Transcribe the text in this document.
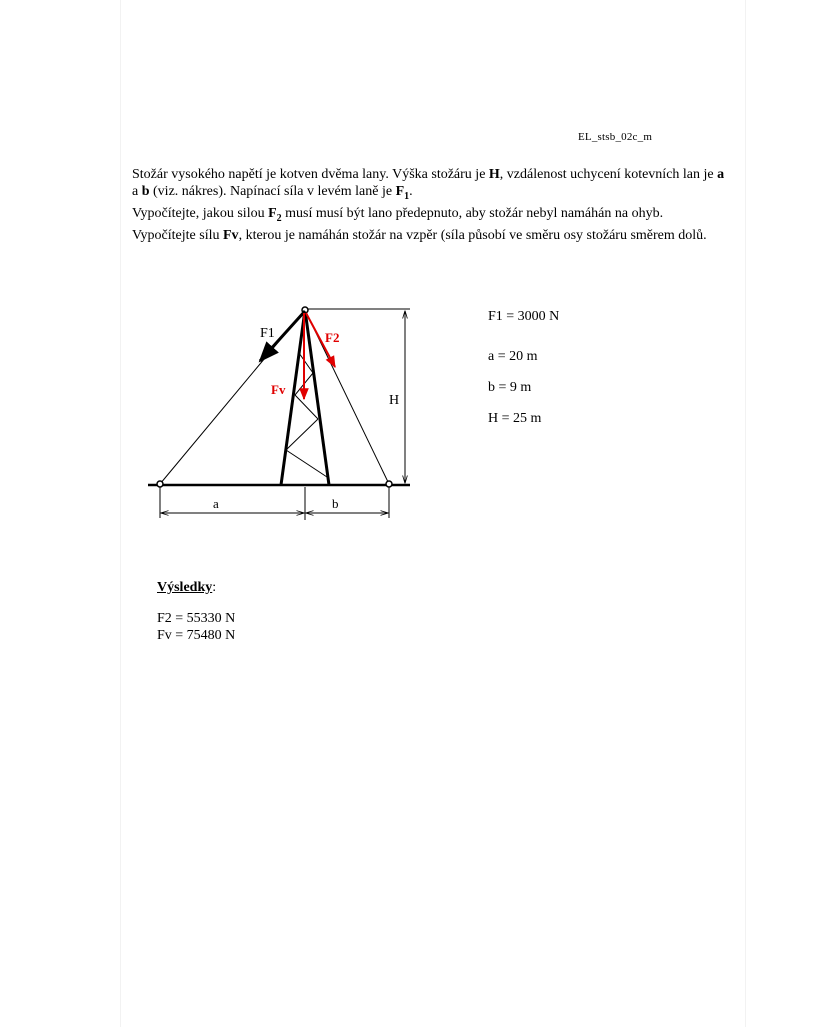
EL_stsb_02c_m

Stožár vysokého napětí je kotven dvěma lany. Výška stožáru je H, vzdálenost uchycení kotevních lan je a a b (viz. nákres). Napínací síla v levém laně je $F_1$.

Vypočítejte, jakou silou $F_2$ musí musí být lano předepnuto, aby stožár nebyl namáhán na ohyb.

Vypočítejte sílu Fv, kterou je namáhán stožár na vzpěr (síla působí ve směru osy stožáru směrem dolů.

F1	F2
Fv
H
a	b
F1 = 3000 N
a = 20 m
b = 9 m
H = 25 m
Výsledky:
F2 = 55330 N
Fv = 75480 N
